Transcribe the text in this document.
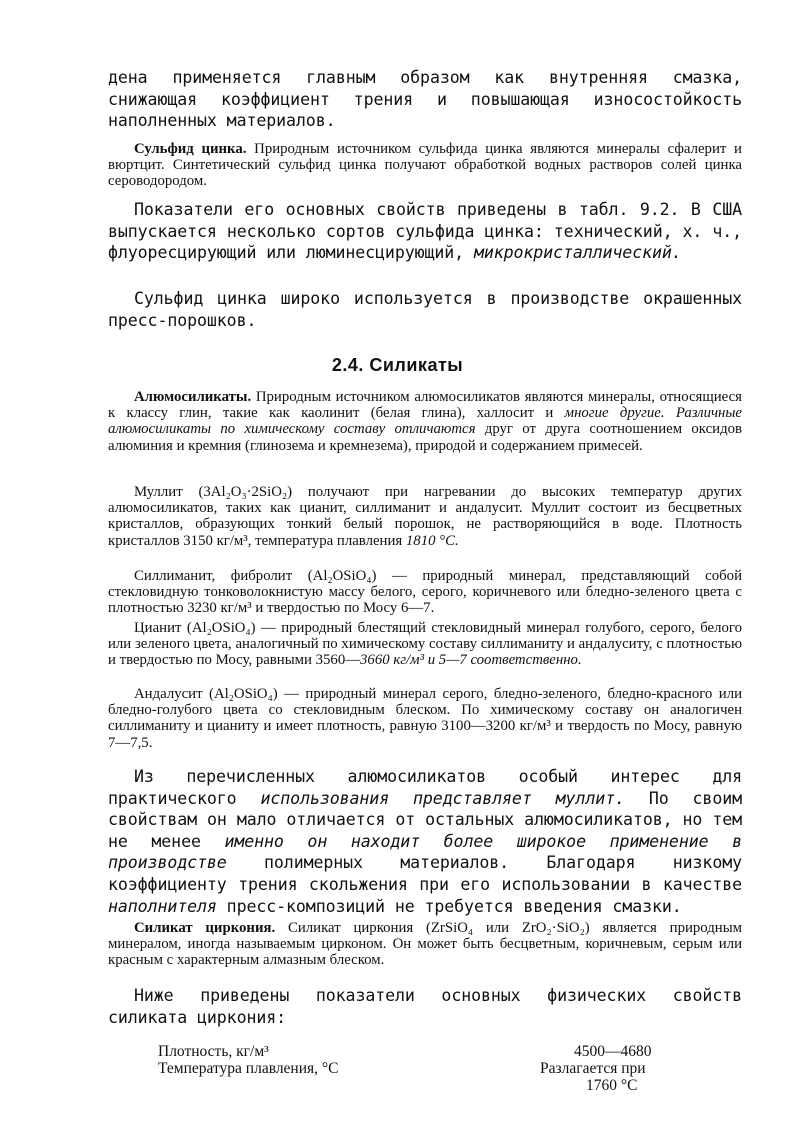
дена применяется главным образом как внутренняя смазка, снижающая коэффициент трения и повышающая износостойкость наполненных материалов.

Сульфид цинка. Природным источником сульфида цинка являются минералы сфалерит и вюртцит. Синтетический сульфид цинка получают обработкой водных растворов солей цинка сероводородом.

Показатели его основных свойств приведены в табл. 9.2. В США выпускается несколько сортов сульфида цинка: технический, х. ч., флуоресцирующий или люминесцирующий, микрокристаллический.

Сульфид цинка широко используется в производстве окрашенных пресс-порошков.

2.4. Силикаты

Алюмосиликаты. Природным источником алюмосиликатов являются минералы, относящиеся к классу глин, такие как каолинит (белая глина), халлосит и многие другие. Различные алюмосиликаты по химическому составу отличаются друг от друга соотношением оксидов алюминия и кремния (глинозема и кремнезема), природой и содержанием примесей.

Муллит (3Al₂O₃·2SiO₂) получают при нагревании до высоких температур других алюмосиликатов, таких как цианит, силлиманит и андалусит. Муллит состоит из бесцветных кристаллов, образующих тонкий белый порошок, не растворяющийся в воде. Плотность кристаллов 3150 кг/м³, температура плавления 1810 °С.

Силлиманит, фибролит (Al₂OSiO₄) — природный минерал, представляющий собой стекловидную тонковолокнистую массу белого, серого, коричневого или бледно-зеленого цвета с плотностью 3230 кг/м³ и твердостью по Мосу 6—7.

Цианит (Al₂OSiO₄) — природный блестящий стекловидный минерал голубого, серого, белого или зеленого цвета, аналогичный по химическому составу силлиманиту и андалуситу, с плотностью и твердостью по Мосу, равными 3560—3660 кг/м³ и 5—7 соответственно.

Андалусит (Al₂OSiO₄) — природный минерал серого, бледно-зеленого, бледно-красного или бледно-голубого цвета со стекловидным блеском. По химическому составу он аналогичен силлиманиту и цианиту и имеет плотность, равную 3100—3200 кг/м³ и твердость по Мосу, равную 7—7,5.

Из перечисленных алюмосиликатов особый интерес для практического использования представляет муллит. По своим свойствам он мало отличается от остальных алюмосиликатов, но тем не менее именно он находит более широкое применение в производстве полимерных материалов. Благодаря низкому коэффициенту трения скольжения при его использовании в качестве наполнителя пресс-композиций не требуется введения смазки.

Силикат циркония. Силикат циркония (ZrSiO₄ или ZrO₂·SiO₂) является природным минералом, иногда называемым цирконом. Он может быть бесцветным, коричневым, серым или красным с характерным алмазным блеском.

Ниже приведены показатели основных физических свойств силиката циркония:

Плотность, кг/м³	4500—4680
Температура плавления, °С	Разлагается при
1760 °С
